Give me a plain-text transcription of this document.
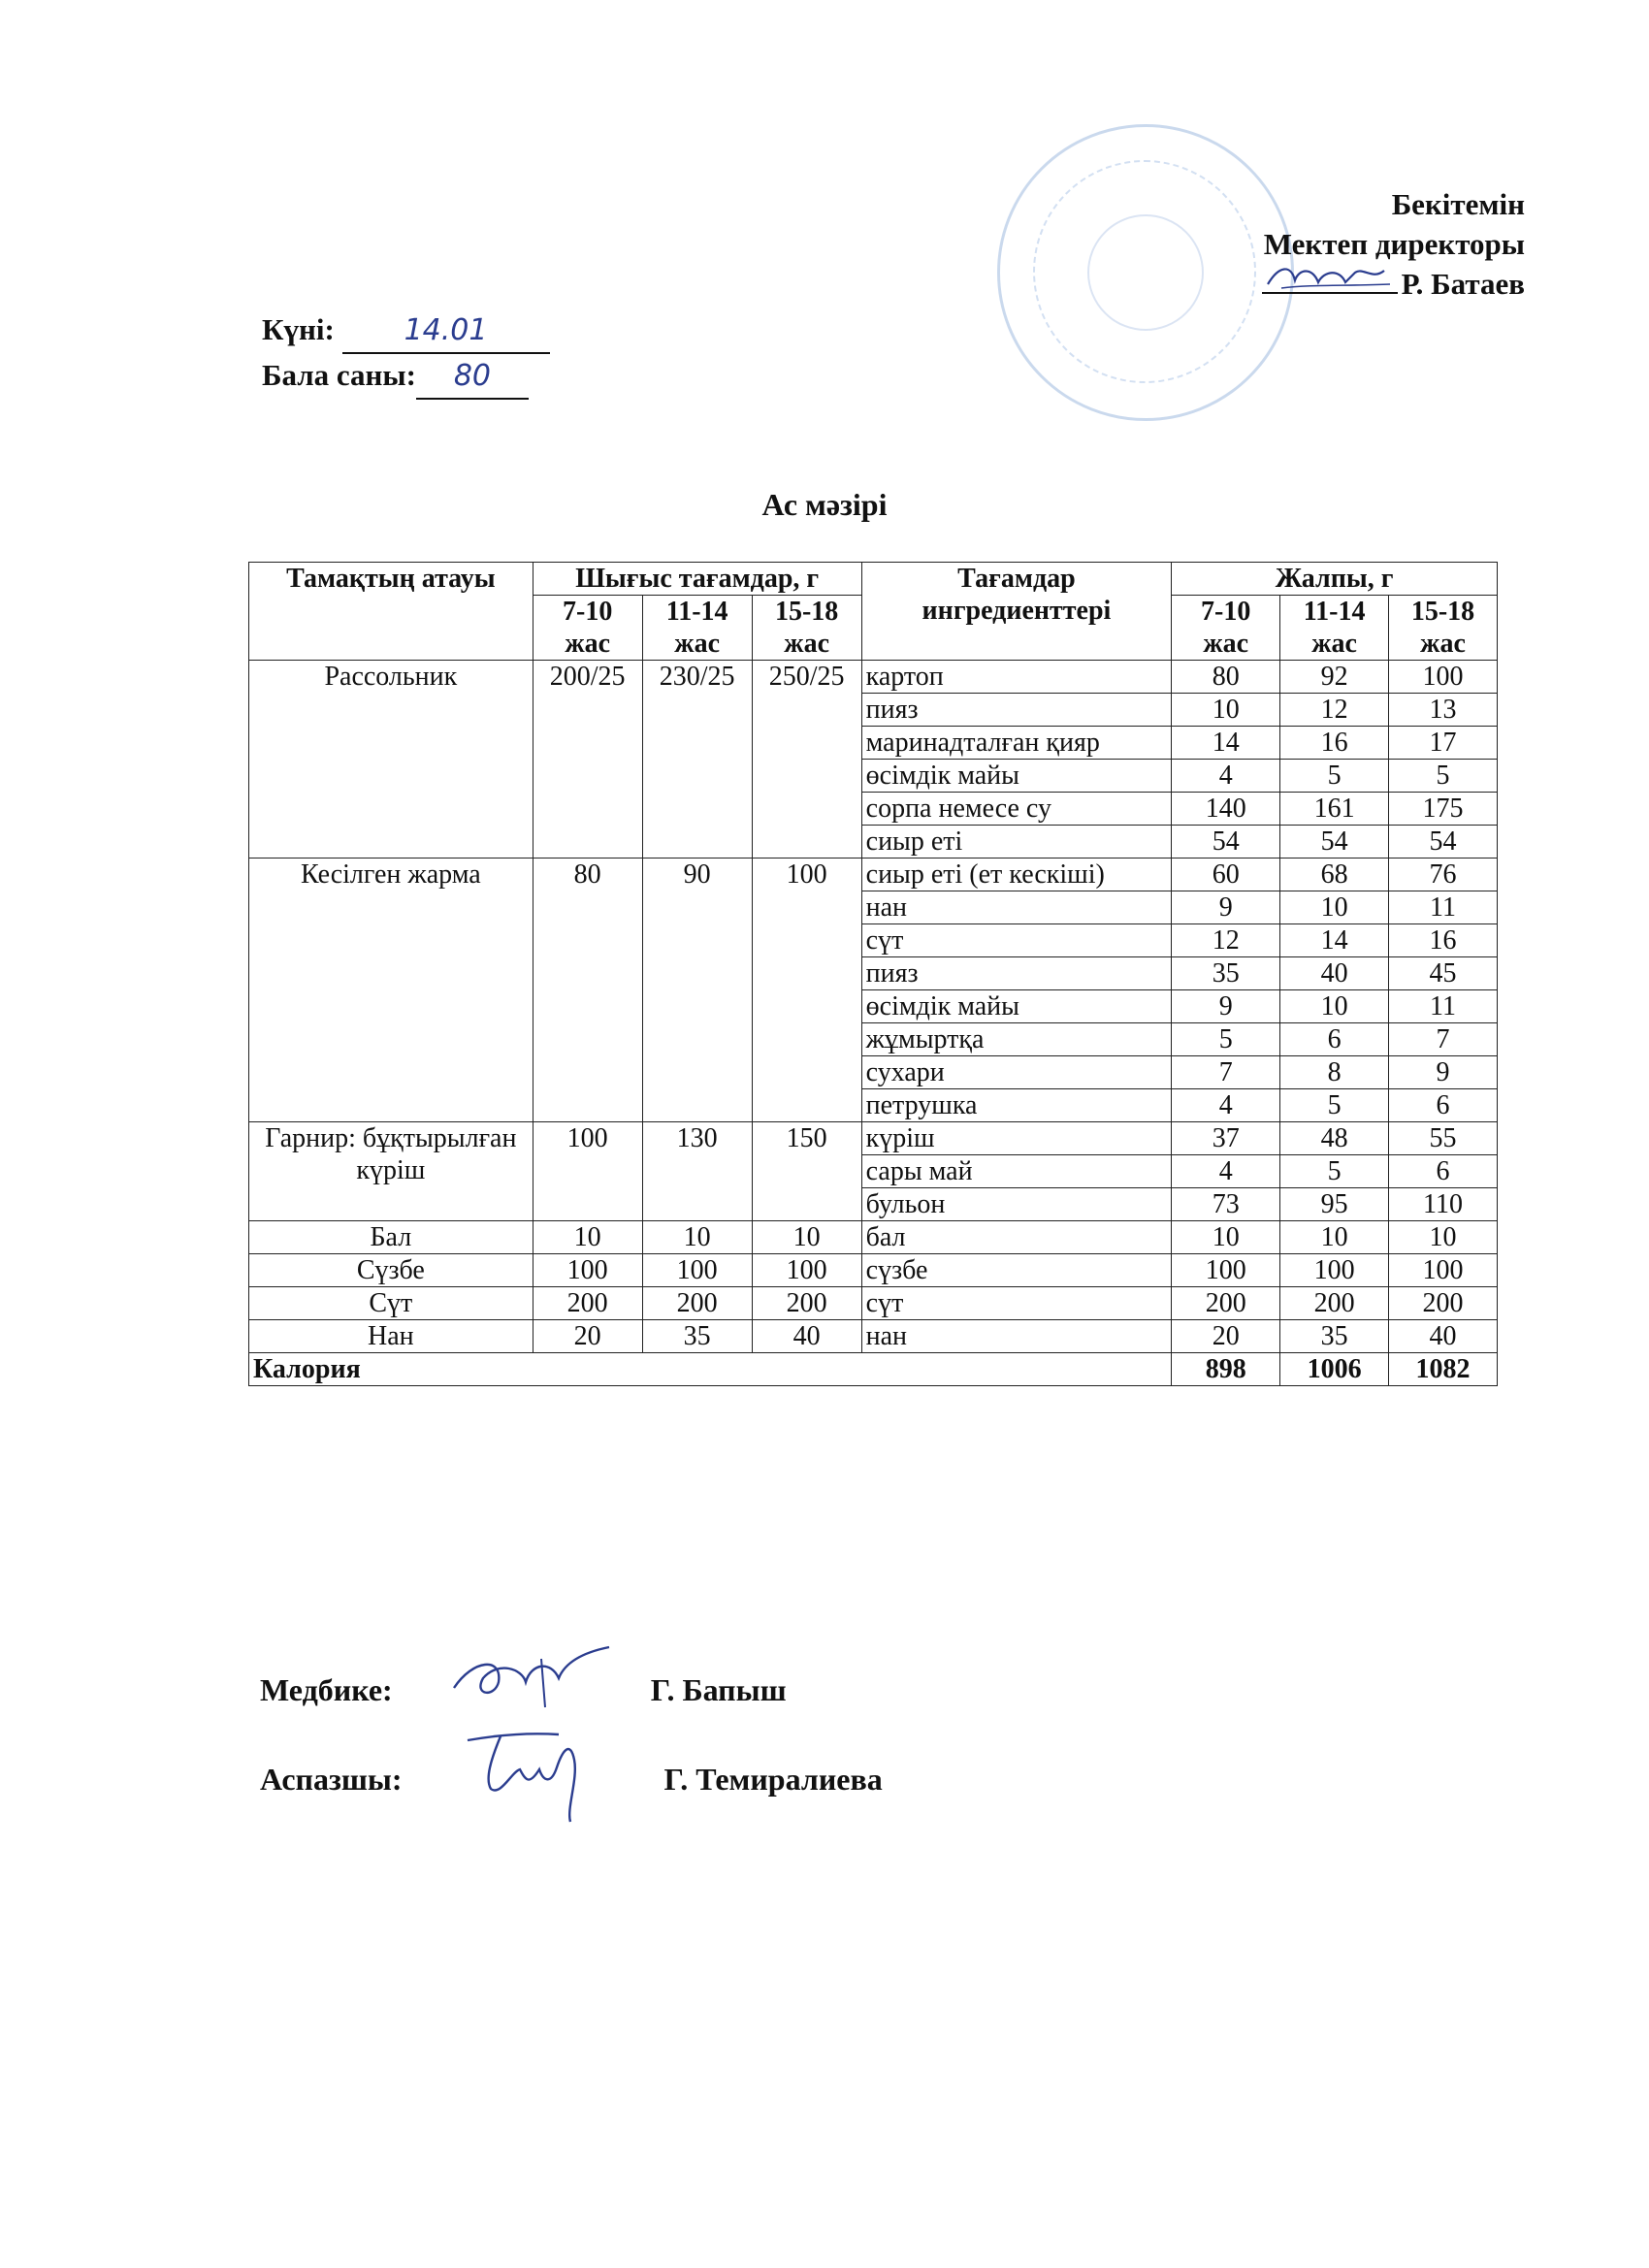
Бекітемін
Мектеп директоры
Р. Батаев
Күні: 14.01
Бала саны: 80
Ас мәзірі
Тамақтың атауы	Шығыс тағамдар, г			Тағамдар ингредиенттері	Жалпы, г		
	7-10 жас	11-14 жас	15-18 жас		7-10 жас	11-14 жас	15-18 жас
Рассольник	200/25	230/25	250/25	картоп	80	92	100
				пияз	10	12	13
				маринадталған қияр	14	16	17
				өсімдік майы	4	5	5
				сорпа немесе су	140	161	175
				сиыр еті	54	54	54
Кесілген жарма	80	90	100	сиыр еті (ет кескіші)	60	68	76
				нан	9	10	11
				сүт	12	14	16
				пияз	35	40	45
				өсімдік майы	9	10	11
				жұмыртқа	5	6	7
				сухари	7	8	9
				петрушка	4	5	6
Гарнир: бұқтырылған күріш	100	130	150	күріш	37	48	55
				сары май	4	5	6
				бульон	73	95	110
Бал	10	10	10	бал	10	10	10
Сүзбе	100	100	100	сүзбе	100	100	100
Сүт	200	200	200	сүт	200	200	200
Нан	20	35	40	нан	20	35	40
Калория					898	1006	1082
Медбике:	Г. Бапыш
Аспазшы:	Г. Темиралиева
